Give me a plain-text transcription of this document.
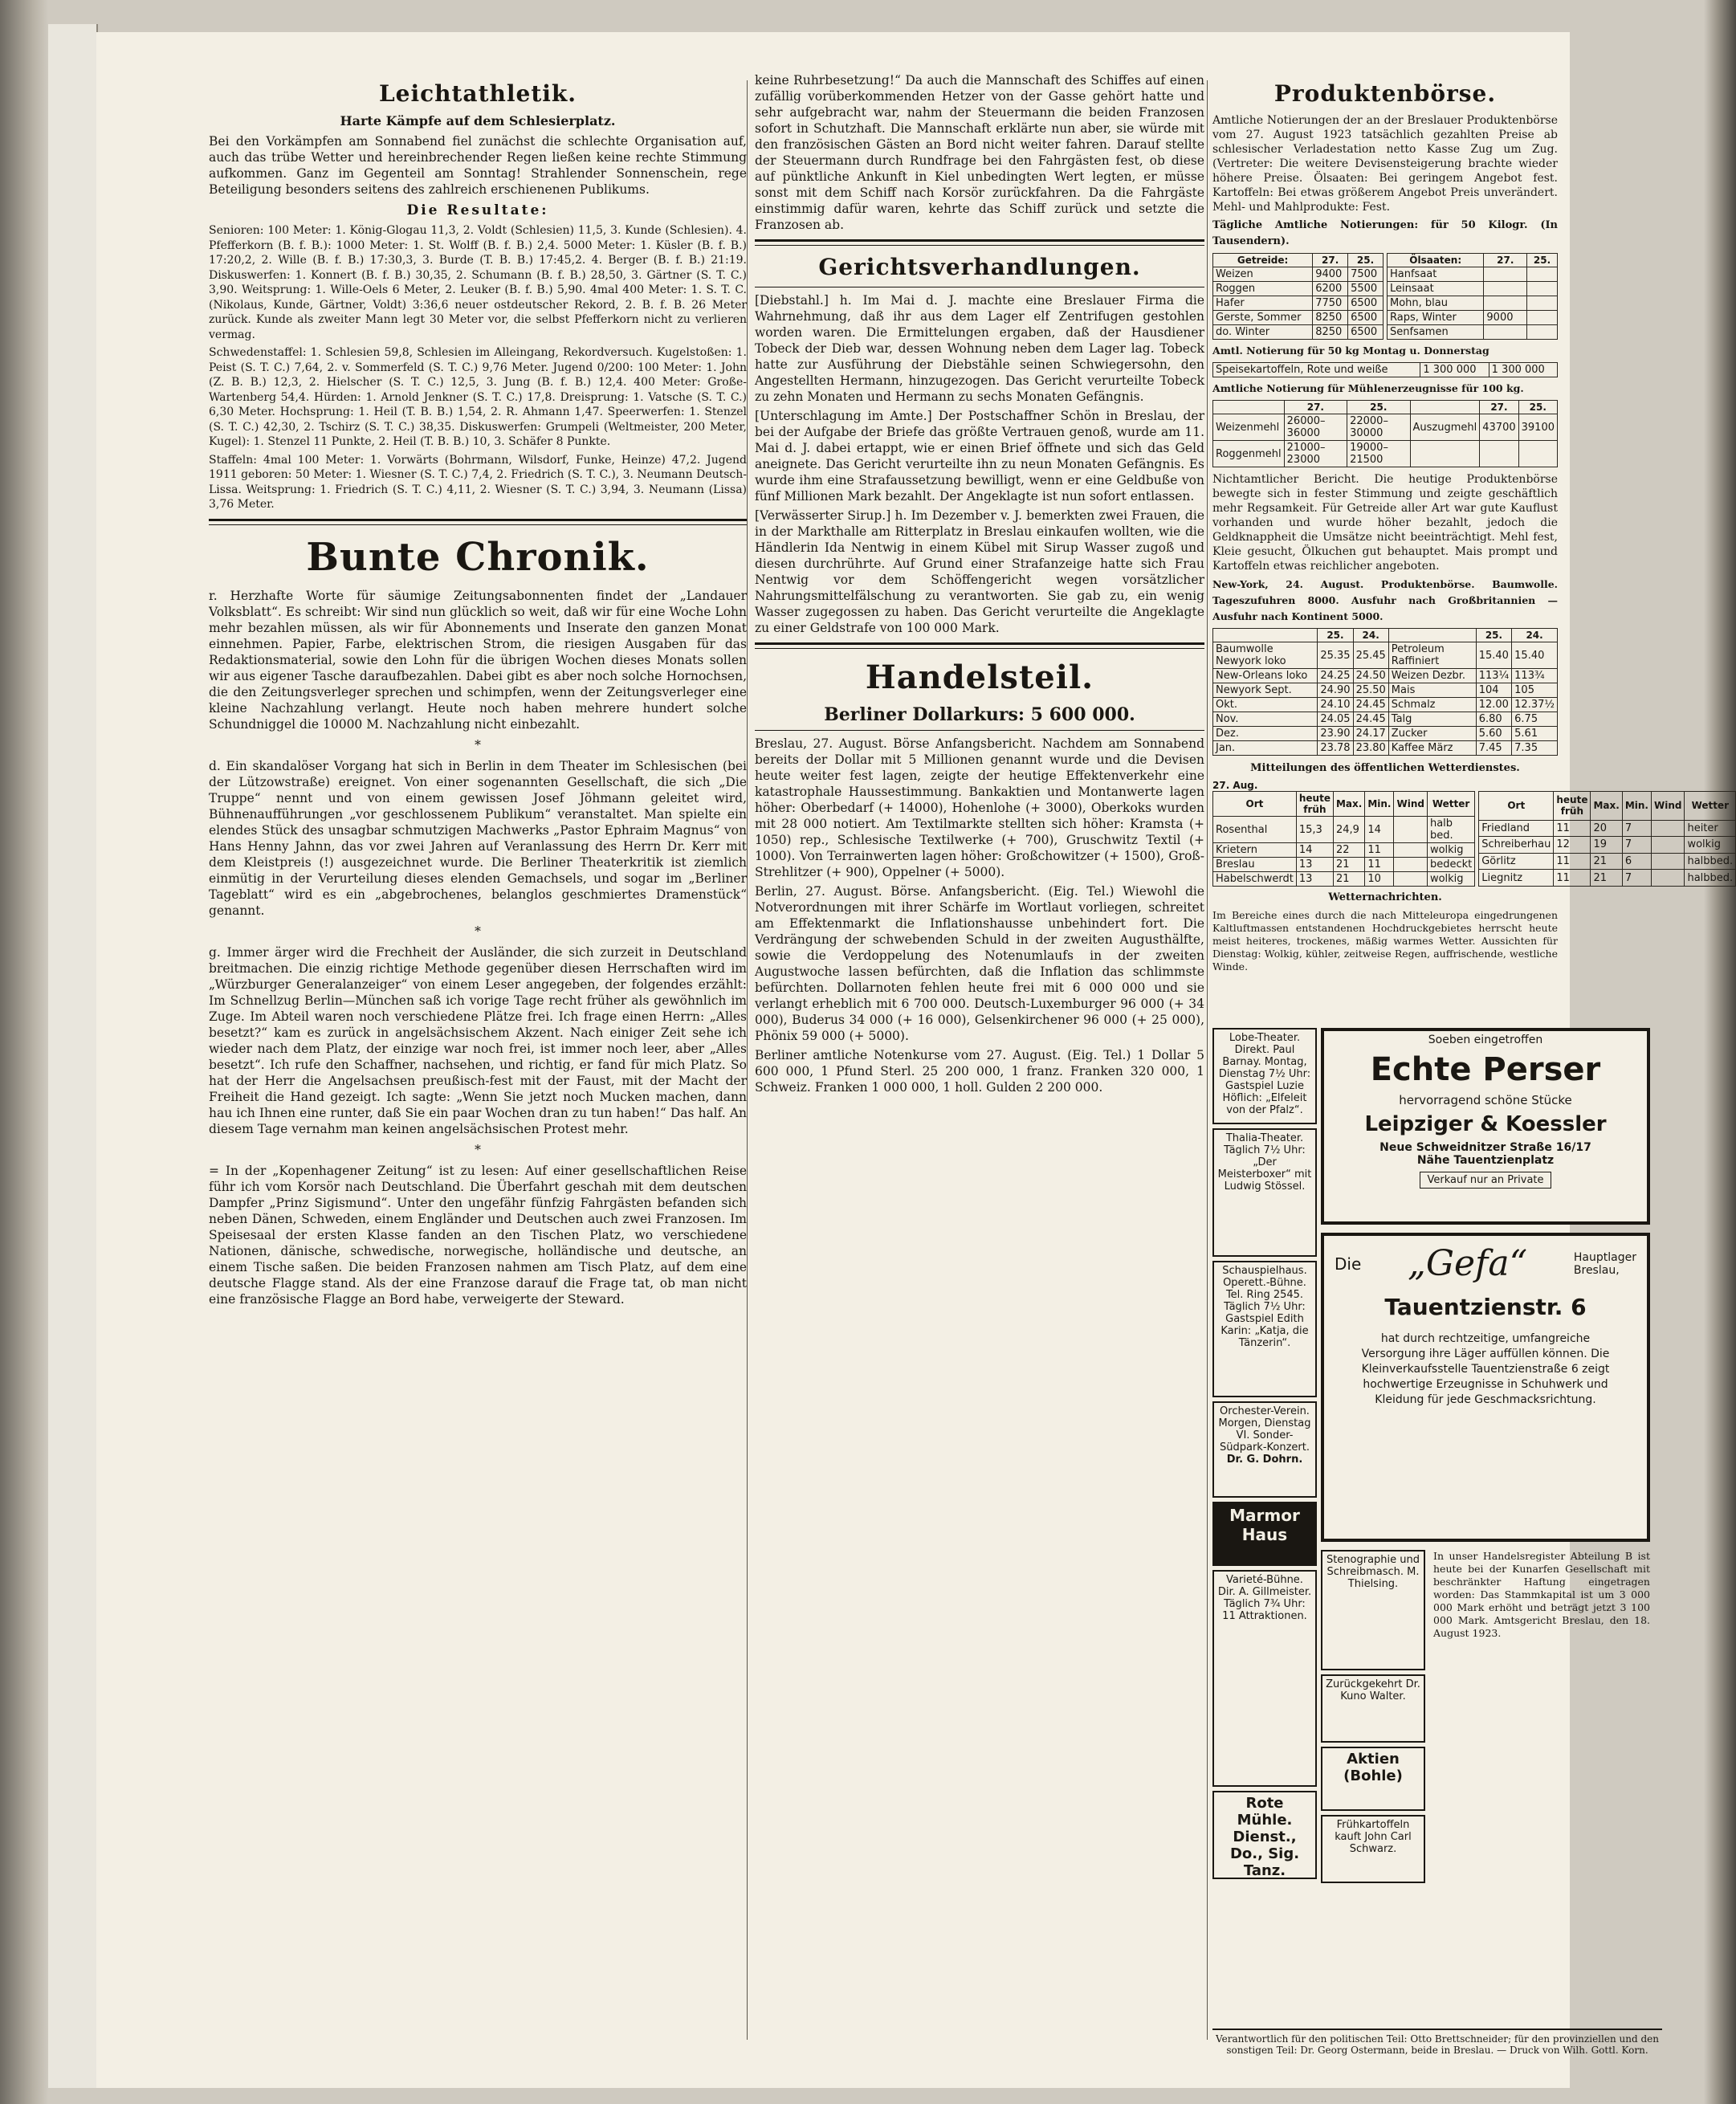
Leichtathletik.
Harte Kämpfe auf dem Schlesierplatz.

Bei den Vorkämpfen am Sonnabend fiel zunächst die schlechte Organisation auf, auch das trübe Wetter und hereinbrechender Regen ließen keine rechte Stimmung aufkommen. Ganz im Gegenteil am Sonntag! Strahlender Sonnenschein, rege Beteiligung besonders seitens des zahlreich erschienenen Publikums.

Die Resultate:

Senioren: 100 Meter: 1. König-Glogau 11,3, 2. Voldt (Schlesien) 11,5, 3. Kunde (Schlesien). 4. Pfefferkorn (B. f. B.): 1000 Meter: 1. St. Wolff (B. f. B.) 2,4. 5000 Meter: 1. Küsler (B. f. B.) 17:20,2, 2. Wille (B. f. B.) 17:30,3, 3. Burde (T. B. B.) 17:45,2. 4. Berger (B. f. B.) 21:19. Diskuswerfen: 1. Konnert (B. f. B.) 30,35, 2. Schumann (B. f. B.) 28,50, 3. Gärtner (S. T. C.) 3,90. Weitsprung: 1. Wille-Oels 6 Meter, 2. Leuker (B. f. B.) 5,90. 4mal 400 Meter: 1. S. T. C. (Nikolaus, Kunde, Gärtner, Voldt) 3:36,6 neuer ostdeutscher Rekord, 2. B. f. B. 26 Meter zurück. Kunde als zweiter Mann legt 30 Meter vor, die selbst Pfefferkorn nicht zu verlieren vermag.

Schwedenstaffel: 1. Schlesien 59,8, Schlesien im Alleingang, Rekordversuch. Kugelstoßen: 1. Peist (S. T. C.) 7,64, 2. v. Sommerfeld (S. T. C.) 9,76 Meter. Jugend 0/200: 100 Meter: 1. John (Z. B. B.) 12,3, 2. Hielscher (S. T. C.) 12,5, 3. Jung (B. f. B.) 12,4. 400 Meter: Große-Wartenberg 54,4. Hürden: 1. Arnold Jenkner (S. T. C.) 17,8. Dreisprung: 1. Vatsche (S. T. C.) 6,30 Meter. Hochsprung: 1. Heil (T. B. B.) 1,54, 2. R. Ahmann 1,47. Speerwerfen: 1. Stenzel (S. T. C.) 42,30, 2. Tschirz (S. T. C.) 38,35. Diskuswerfen: Grumpeli (Weltmeister, 200 Meter, Kugel): 1. Stenzel 11 Punkte, 2. Heil (T. B. B.) 10, 3. Schäfer 8 Punkte.

Staffeln: 4mal 100 Meter: 1. Vorwärts (Bohrmann, Wilsdorf, Funke, Heinze) 47,2. Jugend 1911 geboren: 50 Meter: 1. Wiesner (S. T. C.) 7,4, 2. Friedrich (S. T. C.), 3. Neumann Deutsch-Lissa. Weitsprung: 1. Friedrich (S. T. C.) 4,11, 2. Wiesner (S. T. C.) 3,94, 3. Neumann (Lissa) 3,76 Meter.

Bunte Chronik.

r. Herzhafte Worte für säumige Zeitungsabonnenten findet der „Landauer Volksblatt“. Es schreibt: Wir sind nun glücklich so weit, daß wir für eine Woche Lohn mehr bezahlen müssen, als wir für Abonnements und Inserate den ganzen Monat einnehmen. Papier, Farbe, elektrischen Strom, die riesigen Ausgaben für das Redaktionsmaterial, sowie den Lohn für die übrigen Wochen dieses Monats sollen wir aus eigener Tasche daraufbezahlen. Dabei gibt es aber noch solche Hornochsen, die den Zeitungsverleger sprechen und schimpfen, wenn der Zeitungsverleger eine kleine Nachzahlung verlangt. Heute noch haben mehrere hundert solche Schundniggel die 10000 M. Nachzahlung nicht einbezahlt.

*

d. Ein skandalöser Vorgang hat sich in Berlin in dem Theater im Schlesischen (bei der Lützowstraße) ereignet. Von einer sogenannten Gesellschaft, die sich „Die Truppe“ nennt und von einem gewissen Josef Jöhmann geleitet wird, Bühnenaufführungen „vor geschlossenem Publikum“ veranstaltet. Man spielte ein elendes Stück des unsagbar schmutzigen Machwerks „Pastor Ephraim Magnus“ von Hans Henny Jahnn, das vor zwei Jahren auf Veranlassung des Herrn Dr. Kerr mit dem Kleistpreis (!) ausgezeichnet wurde. Die Berliner Theaterkritik ist ziemlich einmütig in der Verurteilung dieses elenden Gemachsels, und sogar im „Berliner Tageblatt“ wird es ein „abgebrochenes, belanglos geschmiertes Dramenstück“ genannt.

*

g. Immer ärger wird die Frechheit der Ausländer, die sich zurzeit in Deutschland breitmachen. Die einzig richtige Methode gegenüber diesen Herrschaften wird im „Würzburger Generalanzeiger“ von einem Leser angegeben, der folgendes erzählt: Im Schnellzug Berlin—München saß ich vorige Tage recht früher als gewöhnlich im Zuge. Im Abteil waren noch verschiedene Plätze frei. Ich frage einen Herrn: „Alles besetzt?“ kam es zurück in angelsächsischem Akzent. Nach einiger Zeit sehe ich wieder nach dem Platz, der einzige war noch frei, ist immer noch leer, aber „Alles besetzt“. Ich rufe den Schaffner, nachsehen, und richtig, er fand für mich Platz. So hat der Herr die Angelsachsen preußisch-fest mit der Faust, mit der Macht der Freiheit die Hand gezeigt. Ich sagte: „Wenn Sie jetzt noch Mucken machen, dann hau ich Ihnen eine runter, daß Sie ein paar Wochen dran zu tun haben!“ Das half. An diesem Tage vernahm man keinen angelsächsischen Protest mehr.

*

= In der „Kopenhagener Zeitung“ ist zu lesen: Auf einer gesellschaftlichen Reise führ ich vom Korsör nach Deutschland. Die Überfahrt geschah mit dem deutschen Dampfer „Prinz Sigismund“. Unter den ungefähr fünfzig Fahrgästen befanden sich neben Dänen, Schweden, einem Engländer und Deutschen auch zwei Franzosen. Im Speisesaal der ersten Klasse fanden an den Tischen Platz, wo verschiedene Nationen, dänische, schwedische, norwegische, holländische und deutsche, an einem Tische saßen. Die beiden Franzosen nahmen am Tisch Platz, auf dem eine deutsche Flagge stand. Als der eine Franzose darauf die Frage tat, ob man nicht eine französische Flagge an Bord habe, verweigerte der Steward.

keine Ruhrbesetzung!“ Da auch die Mannschaft des Schiffes auf einen zufällig vorüberkommenden Hetzer von der Gasse gehört hatte und sehr aufgebracht war, nahm der Steuermann die beiden Franzosen sofort in Schutzhaft. Die Mannschaft erklärte nun aber, sie würde mit den französischen Gästen an Bord nicht weiter fahren. Darauf stellte der Steuermann durch Rundfrage bei den Fahrgästen fest, ob diese auf pünktliche Ankunft in Kiel unbedingten Wert legten, er müsse sonst mit dem Schiff nach Korsör zurückfahren. Da die Fahrgäste einstimmig dafür waren, kehrte das Schiff zurück und setzte die Franzosen ab.

Gerichtsverhandlungen.

[Diebstahl.] h. Im Mai d. J. machte eine Breslauer Firma die Wahrnehmung, daß ihr aus dem Lager elf Zentrifugen gestohlen worden waren. Die Ermittelungen ergaben, daß der Hausdiener Tobeck der Dieb war, dessen Wohnung neben dem Lager lag. Tobeck hatte zur Ausführung der Diebstähle seinen Schwiegersohn, den Angestellten Hermann, hinzugezogen. Das Gericht verurteilte Tobeck zu zehn Monaten und Hermann zu sechs Monaten Gefängnis.

[Unterschlagung im Amte.] Der Postschaffner Schön in Breslau, der bei der Aufgabe der Briefe das größte Vertrauen genoß, wurde am 11. Mai d. J. dabei ertappt, wie er einen Brief öffnete und sich das Geld aneignete. Das Gericht verurteilte ihn zu neun Monaten Gefängnis. Es wurde ihm eine Strafaussetzung bewilligt, wenn er eine Geldbuße von fünf Millionen Mark bezahlt. Der Angeklagte ist nun sofort entlassen.

[Verwässerter Sirup.] h. Im Dezember v. J. bemerkten zwei Frauen, die in der Markthalle am Ritterplatz in Breslau einkaufen wollten, wie die Händlerin Ida Nentwig in einem Kübel mit Sirup Wasser zugoß und diesen durchrührte. Auf Grund einer Strafanzeige hatte sich Frau Nentwig vor dem Schöffengericht wegen vorsätzlicher Nahrungsmittelfälschung zu verantworten. Sie gab zu, ein wenig Wasser zugegossen zu haben. Das Gericht verurteilte die Angeklagte zu einer Geldstrafe von 100 000 Mark.

Handelsteil.
Berliner Dollarkurs: 5 600 000.

Breslau, 27. August. Börse Anfangsbericht. Nachdem am Sonnabend bereits der Dollar mit 5 Millionen genannt wurde und die Devisen heute weiter fest lagen, zeigte der heutige Effektenverkehr eine katastrophale Haussestimmung. Bankaktien und Montanwerte lagen höher: Oberbedarf (+ 14000), Hohenlohe (+ 3000), Oberkoks wurden mit 28 000 notiert. Am Textilmarkte stellten sich höher: Kramsta (+ 1050) rep., Schlesische Textilwerke (+ 700), Gruschwitz Textil (+ 1000). Von Terrainwerten lagen höher: Großchowitzer (+ 1500), Groß-Strehlitzer (+ 900), Oppelner (+ 5000).

Berlin, 27. August. Börse. Anfangsbericht. (Eig. Tel.) Wiewohl die Notverordnungen mit ihrer Schärfe im Wortlaut vorliegen, schreitet am Effektenmarkt die Inflationshausse unbehindert fort. Die Verdrängung der schwebenden Schuld in der zweiten Augusthälfte, sowie die Verdoppelung des Notenumlaufs in der zweiten Augustwoche lassen befürchten, daß die Inflation das schlimmste befürchten. Dollarnoten fehlen heute frei mit 6 000 000 und sie verlangt erheblich mit 6 700 000. Deutsch-Luxemburger 96 000 (+ 34 000), Buderus 34 000 (+ 16 000), Gelsenkirchener 96 000 (+ 25 000), Phönix 59 000 (+ 5000).

Berliner amtliche Notenkurse vom 27. August. (Eig. Tel.) 1 Dollar 5 600 000, 1 Pfund Sterl. 25 200 000, 1 franz. Franken 320 000, 1 Schweiz. Franken 1 000 000, 1 holl. Gulden 2 200 000.

Produktenbörse.

Amtliche Notierungen der an der Breslauer Produktenbörse vom 27. August 1923 tatsächlich gezahlten Preise ab schlesischer Verladestation netto Kasse Zug um Zug. (Vertreter: Die weitere Devisensteigerung brachte wieder höhere Preise. Ölsaaten: Bei geringem Angebot fest. Kartoffeln: Bei etwas größerem Angebot Preis unverändert. Mehl- und Mahlprodukte: Fest.

Tägliche Amtliche Notierungen: für 50 Kilogr. (In Tausendern).

Getreide:	27.	25.
Weizen	9400	7500
Roggen	6200	5500
Hafer	7750	6500
Gerste, Sommer	8250	6500
do. Winter	8250	6500
Ölsaaten:	27.	25.
Hanfsaat		
Leinsaat		
Mohn, blau		
Raps, Winter	9000	
Senfsamen		

Amtl. Notierung für 50 kg Montag u. Donnerstag

Speisekartoffeln, Rote und weiße	1 300 000	1 300 000

Amtliche Notierung für Mühlenerzeugnisse für 100 kg.

	27.	25.		27.	25.
Weizenmehl	26000–36000	22000–30000	Auszugmehl	43700	39100
Roggenmehl	21000–23000	19000–21500			

Nichtamtlicher Bericht. Die heutige Produktenbörse bewegte sich in fester Stimmung und zeigte geschäftlich mehr Regsamkeit. Für Getreide aller Art war gute Kauflust vorhanden und wurde höher bezahlt, jedoch die Geldknappheit die Umsätze nicht beeinträchtigt. Mehl fest, Kleie gesucht, Ölkuchen gut behauptet. Mais prompt und Kartoffeln etwas reichlicher angeboten.

New-York, 24. August. Produktenbörse. Baumwolle. Tageszufuhren 8000. Ausfuhr nach Großbritannien — Ausfuhr nach Kontinent 5000.

	25.	24.		25.	24.
Baumwolle Newyork loko	25.35	25.45	Petroleum Raffiniert	15.40	15.40
New-Orleans loko	24.25	24.50	Weizen Dezbr.	113¼	113¾
Newyork Sept.	24.90	25.50	Mais	104	105
Okt.	24.10	24.45	Schmalz	12.00	12.37½
Nov.	24.05	24.45	Talg	6.80	6.75
Dez.	23.90	24.17	Zucker	5.60	5.61
Jan.	23.78	23.80	Kaffee März	7.45	7.35

Mitteilungen des öffentlichen Wetterdienstes.

27. Aug.
Ort	heute früh	Max.	Min.	Wind	Wetter
Rosenthal	15,3	24,9	14		halb bed.
Krietern	14	22	11		wolkig
Breslau	13	21	11		bedeckt
Habelschwerdt	13	21	10		wolkig
Ort	heute früh	Max.	Min.	Wind	Wetter
Friedland	11	20	7		heiter
Schreiberhau	12	19	7		wolkig
Görlitz	11	21	6		halbbed.
Liegnitz	11	21	7		halbbed.

Wetternachrichten.

Im Bereiche eines durch die nach Mitteleuropa eingedrungenen Kaltluftmassen entstandenen Hochdruckgebietes herrscht heute meist heiteres, trockenes, mäßig warmes Wetter. Aussichten für Dienstag: Wolkig, kühler, zeitweise Regen, auffrischende, westliche Winde.

Lobe-Theater. Direkt. Paul Barnay. Montag, Dienstag 7½ Uhr: Gastspiel Luzie Höflich: „Elfeleit von der Pfalz“.
Thalia-Theater. Täglich 7½ Uhr: „Der Meisterboxer“ mit Ludwig Stössel.
Schauspielhaus. Operett.-Bühne. Tel. Ring 2545. Täglich 7½ Uhr: Gastspiel Edith Karin: „Katja, die Tänzerin“.
Orchester-Verein. Morgen, Dienstag VI. Sonder-Südpark-Konzert.
Dr. G. Dohrn.
Marmor Haus
Varieté-Bühne. Dir. A. Gillmeister. Täglich 7¾ Uhr: 11 Attraktionen.
Rote Mühle. Dienst., Do., Sig. Tanz.
Soeben eingetroffen
Echte Perser
hervorragend schöne Stücke
Leipziger & Koessler
Neue Schweidnitzer Straße 16/17
Nähe Tauentzienplatz
Verkauf nur an Private
Die „Gefa“	Hauptlager
Breslau,
Tauentzienstr. 6
hat durch rechtzeitige, umfangreiche Versorgung ihre Läger auffüllen können. Die Kleinverkaufsstelle Tauentzienstraße 6 zeigt hochwertige Erzeugnisse in Schuhwerk und Kleidung für jede Geschmacksrichtung.
Stenographie und Schreibmasch. M. Thielsing.
Zurückgekehrt Dr. Kuno Walter.
Aktien (Bohle)
Frühkartoffeln kauft John Carl Schwarz.
In unser Handelsregister Abteilung B ist heute bei der Kunarfen Gesellschaft mit beschränkter Haftung eingetragen worden: Das Stammkapital ist um 3 000 000 Mark erhöht und beträgt jetzt 3 100 000 Mark. Amtsgericht Breslau, den 18. August 1923.
Verantwortlich für den politischen Teil: Otto Brettschneider; für den provinziellen und den sonstigen Teil: Dr. Georg Ostermann, beide in Breslau. — Druck von Wilh. Gottl. Korn.
